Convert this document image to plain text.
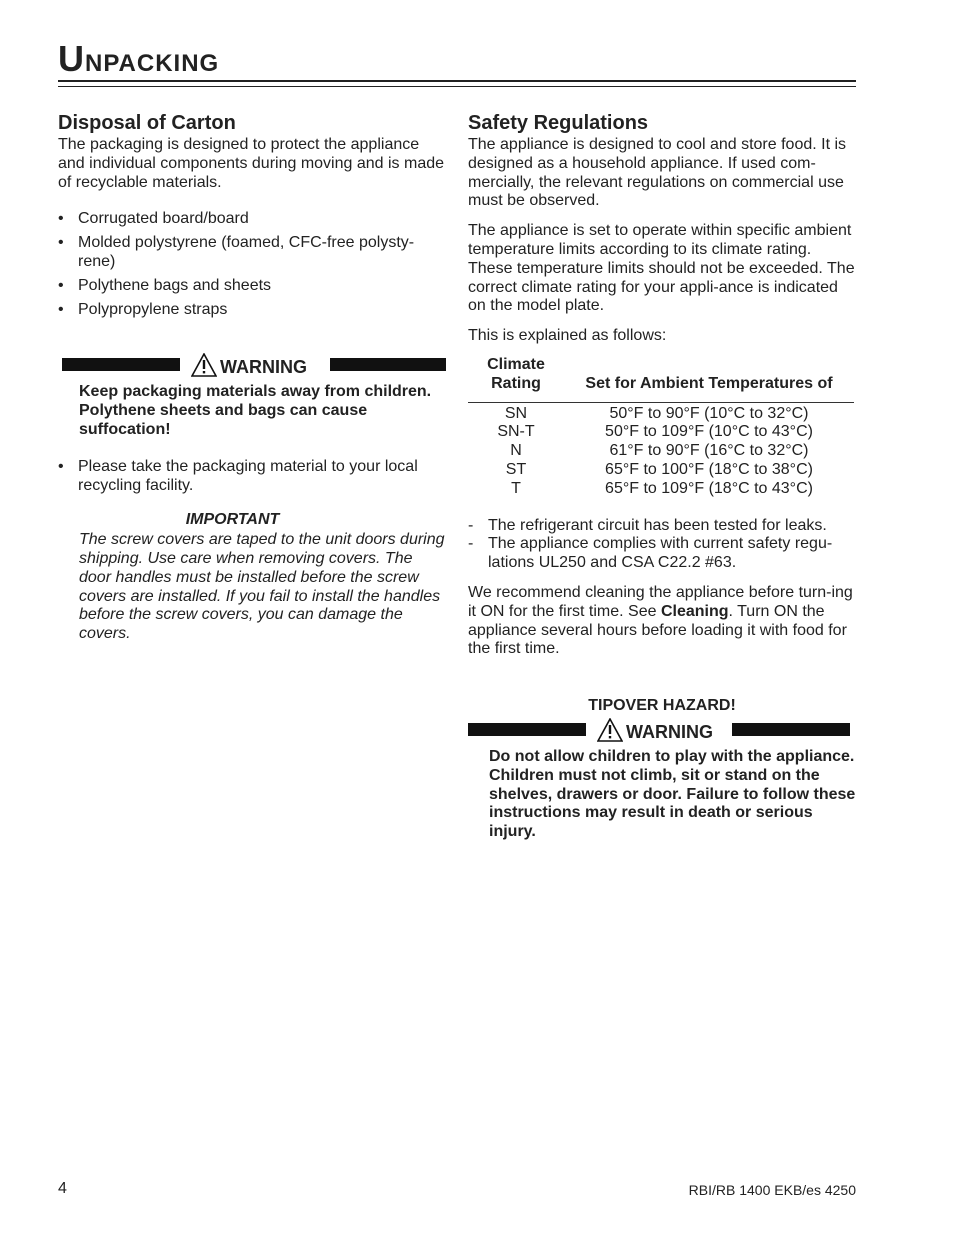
UNPACKING
Disposal of Carton

The packaging is designed to protect the appliance and individual components during moving and is made of recyclable materials.

• Corrugated board/board
• Molded polystyrene (foamed, CFC-free polysty-rene)
• Polythene bags and sheets
• Polypropylene straps
WARNING

Keep packaging materials away from children. Polythene sheets and bags can cause suffocation!

• Please take the packaging material to your local recycling facility.
IMPORTANT

The screw covers are taped to the unit doors during shipping. Use care when removing covers. The door handles must be installed before the screw covers are installed. If you fail to install the handles before the screw covers, you can damage the covers.

Safety Regulations

The appliance is designed to cool and store food. It is designed as a household appliance. If used com-mercially, the relevant regulations on commercial use must be observed.

The appliance is set to operate within specific ambient temperature limits according to its climate rating. These temperature limits should not be exceeded. The correct climate rating for your appli-ance is indicated on the model plate.

This is explained as follows:

Climate
Rating	Set for Ambient Temperatures of
SN	50°F to 90°F (10°C to 32°C)
SN-T	50°F to 109°F (10°C to 43°C)
N	61°F to 90°F (16°C to 32°C)
ST	65°F to 100°F (18°C to 38°C)
T	65°F to 109°F (18°C to 43°C)
- The refrigerant circuit has been tested for leaks.
- The appliance complies with current safety regu-lations UL250 and CSA C22.2 #63.

We recommend cleaning the appliance before turn-ing it ON for the first time. See Cleaning. Turn ON the appliance several hours before loading it with food for the first time.

TIPOVER HAZARD!
WARNING

Do not allow children to play with the appliance. Children must not climb, sit or stand on the shelves, drawers or door. Failure to follow these instructions may result in death or serious injury.

4	RBI/RB 1400 EKB/es 4250
